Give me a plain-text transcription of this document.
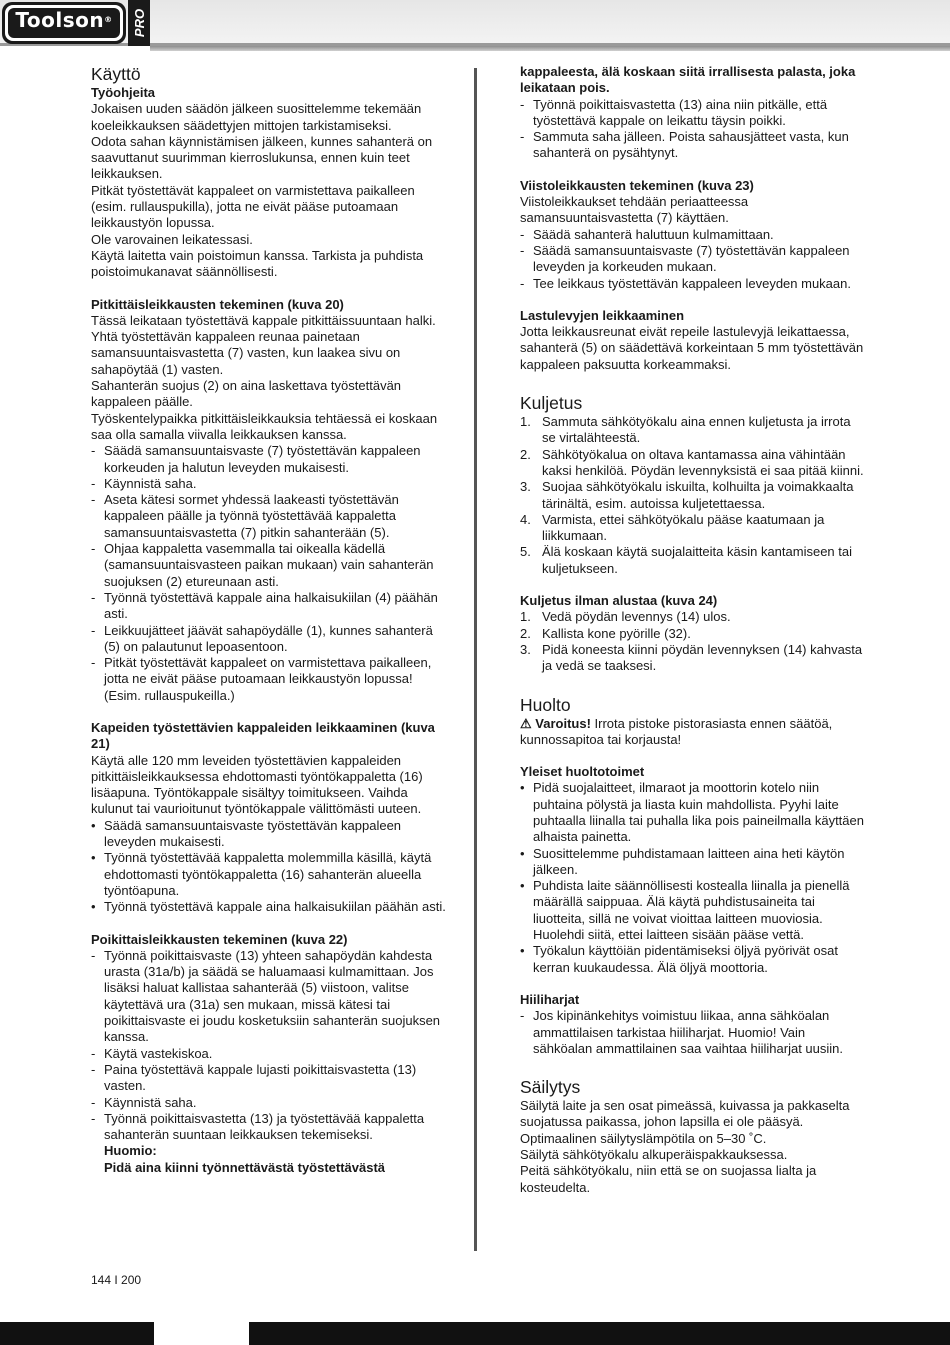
Toolson®	PRO
Käyttö
Työohjeita

Jokaisen uuden säädön jälkeen suosittelemme tekemään koeleikkauksen säädettyjen mittojen tarkistamiseksi.

Odota sahan käynnistämisen jälkeen, kunnes sahanterä on saavuttanut suurimman kierroslukunsa, ennen kuin teet leikkauksen.

Pitkät työstettävät kappaleet on varmistettava paikalleen (esim. rullauspukilla), jotta ne eivät pääse putoamaan leikkaustyön lopussa.

Ole varovainen leikatessasi.

Käytä laitetta vain poistoimun kanssa. Tarkista ja puhdista poistoimukanavat säännöllisesti.

Pitkittäisleikkausten tekeminen (kuva 20)

Tässä leikataan työstettävä kappale pitkittäissuuntaan halki.

Yhtä työstettävän kappaleen reunaa painetaan samansuuntaisvastetta (7) vasten, kun laakea sivu on sahapöytää (1) vasten.

Sahanterän suojus (2) on aina laskettava työstettävän kappaleen päälle.

Työskentelypaikka pitkittäisleikkauksia tehtäessä ei koskaan saa olla samalla viivalla leikkauksen kanssa.

- Säädä samansuuntaisvaste (7) työstettävän kappaleen korkeuden ja halutun leveyden mukaisesti.
- Käynnistä saha.
- Aseta kätesi sormet yhdessä laakeasti työstettävän kappaleen päälle ja työnnä työstettävää kappaletta samansuuntaisvastetta (7) pitkin sahanterään (5).
- Ohjaa kappaletta vasemmalla tai oikealla kädellä (samansuuntaisvasteen paikan mukaan) vain sahanterän suojuksen (2) etureunaan asti.
- Työnnä työstettävä kappale aina halkaisukiilan (4) päähän asti.
- Leikkuujätteet jäävät sahapöydälle (1), kunnes sahanterä (5) on palautunut lepoasentoon.
- Pitkät työstettävät kappaleet on varmistettava paikalleen, jotta ne eivät pääse putoamaan leikkaustyön lopussa! (Esim. rullauspukeilla.)
Kapeiden työstettävien kappaleiden leikkaaminen (kuva 21)

Käytä alle 120 mm leveiden työstettävien kappaleiden pitkittäisleikkauksessa ehdottomasti työntökappaletta (16) lisäapuna. Työntökappale sisältyy toimitukseen. Vaihda kulunut tai vaurioitunut työntökappale välittömästi uuteen.

• Säädä samansuuntaisvaste työstettävän kappaleen leveyden mukaisesti.
• Työnnä työstettävää kappaletta molemmilla käsillä, käytä ehdottomasti työntökappaletta (16) sahanterän alueella työntöapuna.
• Työnnä työstettävä kappale aina halkaisukiilan päähän asti.
Poikittaisleikkausten tekeminen (kuva 22)
- Työnnä poikittaisvaste (13) yhteen sahapöydän kahdesta urasta (31a/b) ja säädä se haluamaasi kulmamittaan. Jos lisäksi haluat kallistaa sahanterää (5) viistoon, valitse käytettävä ura (31a) sen mukaan, missä kätesi tai poikittaisvaste ei joudu kosketuksiin sahanterän suojuksen kanssa.
- Käytä vastekiskoa.
- Paina työstettävä kappale lujasti poikittaisvastetta (13) vasten.
- Käynnistä saha.
- Työnnä poikittaisvastetta (13) ja työstettävää kappaletta sahanterän suuntaan leikkauksen tekemiseksi.
Huomio:
Pidä aina kiinni työnnettävästä työstettävästä

kappaleesta, älä koskaan siitä irrallisesta palasta, joka leikataan pois.

- Työnnä poikittaisvastetta (13) aina niin pitkälle, että työstettävä kappale on leikattu täysin poikki.
- Sammuta saha jälleen. Poista sahausjätteet vasta, kun sahanterä on pysähtynyt.
Viistoleikkausten tekeminen (kuva 23)

Viistoleikkaukset tehdään periaatteessa samansuuntaisvastetta (7) käyttäen.

- Säädä sahanterä haluttuun kulmamittaan.
- Säädä samansuuntaisvaste (7) työstettävän kappaleen leveyden ja korkeuden mukaan.
- Tee leikkaus työstettävän kappaleen leveyden mukaan.
Lastulevyjen leikkaaminen

Jotta leikkausreunat eivät repeile lastulevyjä leikattaessa, sahanterä (5) on säädettävä korkeintaan 5 mm työstettävän kappaleen paksuutta korkeammaksi.

Kuljetus
1. Sammuta sähkötyökalu aina ennen kuljetusta ja irrota se virtalähteestä.
2. Sähkötyökalua on oltava kantamassa aina vähintään kaksi henkilöä. Pöydän levennyksistä ei saa pitää kiinni.
3. Suojaa sähkötyökalu iskuilta, kolhuilta ja voimakkaalta tärinältä, esim. autoissa kuljetettaessa.
4. Varmista, ettei sähkötyökalu pääse kaatumaan ja liikkumaan.
5. Älä koskaan käytä suojalaitteita käsin kantamiseen tai kuljetukseen.
Kuljetus ilman alustaa (kuva 24)
1. Vedä pöydän levennys (14) ulos.
2. Kallista kone pyörille (32).
3. Pidä koneesta kiinni pöydän levennyksen (14) kahvasta ja vedä se taaksesi.
Huolto

⚠ Varoitus! Irrota pistoke pistorasiasta ennen säätöä, kunnossapitoa tai korjausta!

Yleiset huoltotoimet
• Pidä suojalaitteet, ilmaraot ja moottorin kotelo niin puhtaina pölystä ja liasta kuin mahdollista. Pyyhi laite puhtaalla liinalla tai puhalla lika pois paineilmalla käyttäen alhaista painetta.
• Suosittelemme puhdistamaan laitteen aina heti käytön jälkeen.
• Puhdista laite säännöllisesti kostealla liinalla ja pienellä määrällä saippuaa. Älä käytä puhdistusaineita tai liuotteita, sillä ne voivat vioittaa laitteen muoviosia. Huolehdi siitä, ettei laitteen sisään pääse vettä.
• Työkalun käyttöiän pidentämiseksi öljyä pyörivät osat kerran kuukaudessa. Älä öljyä moottoria.
Hiiliharjat
- Jos kipinänkehitys voimistuu liikaa, anna sähköalan ammattilaisen tarkistaa hiiliharjat. Huomio! Vain sähköalan ammattilainen saa vaihtaa hiiliharjat uusiin.
Säilytys

Säilytä laite ja sen osat pimeässä, kuivassa ja pakkaselta suojatussa paikassa, johon lapsilla ei ole pääsyä. Optimaalinen säilytyslämpötila on 5–30 ˚C.

Säilytä sähkötyökalu alkuperäispakkauksessa.

Peitä sähkötyökalu, niin että se on suojassa lialta ja kosteudelta.

144 I 200
